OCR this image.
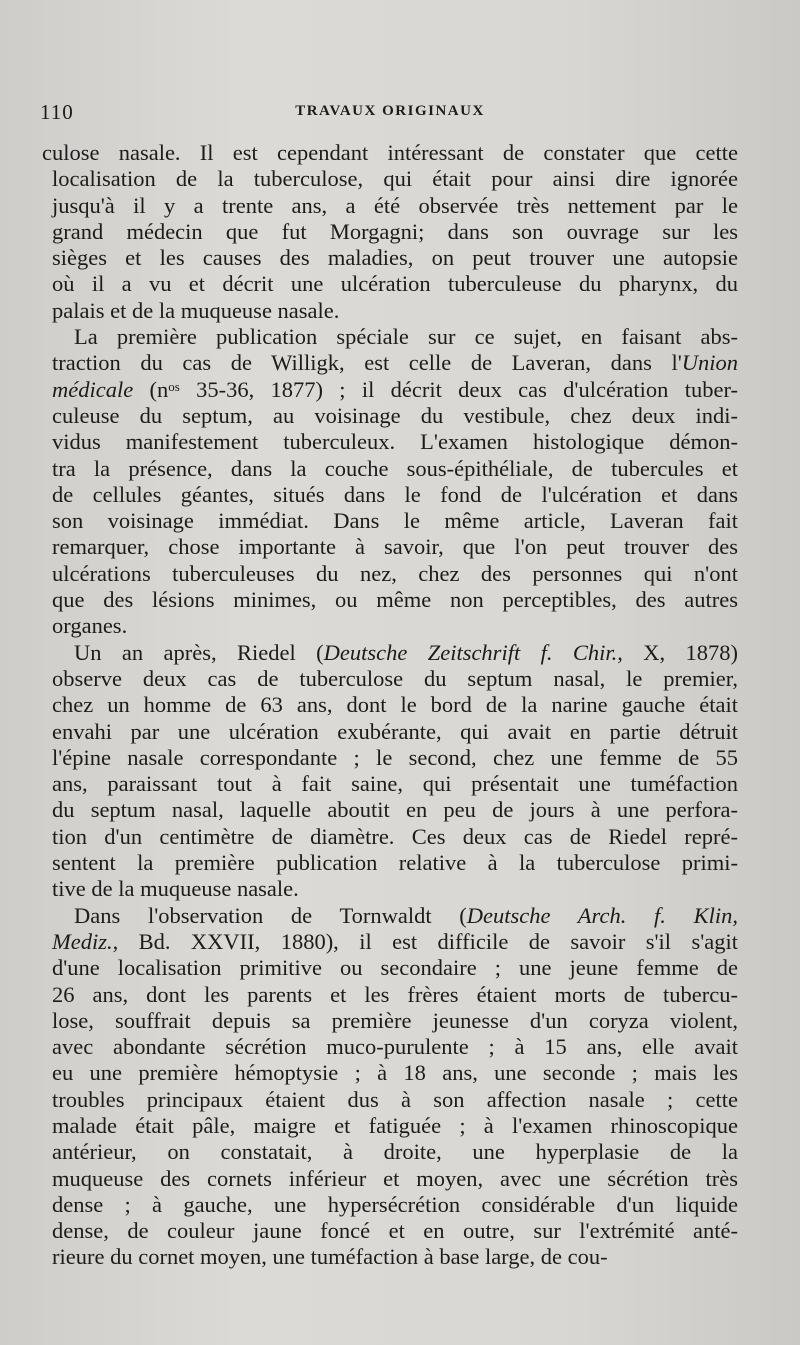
110	TRAVAUX ORIGINAUX

culose nasale. Il est cependant intéressant de constater que cette
localisation de la tuberculose, qui était pour ainsi dire ignorée
jusqu'à il y a trente ans, a été observée très nettement par le
grand médecin que fut Morgagni; dans son ouvrage sur les
sièges et les causes des maladies, on peut trouver une autopsie
où il a vu et décrit une ulcération tuberculeuse du pharynx, du
palais et de la muqueuse nasale.

La première publication spéciale sur ce sujet, en faisant abs-
traction du cas de Willigk, est celle de Laveran, dans l'Union
médicale ($n^{os}$ 35-36, 1877) ; il décrit deux cas d'ulcération tuber-
culeuse du septum, au voisinage du vestibule, chez deux indi-
vidus manifestement tuberculeux. L'examen histologique démon-
tra la présence, dans la couche sous-épithéliale, de tubercules et
de cellules géantes, situés dans le fond de l'ulcération et dans
son voisinage immédiat. Dans le même article, Laveran fait
remarquer, chose importante à savoir, que l'on peut trouver des
ulcérations tuberculeuses du nez, chez des personnes qui n'ont
que des lésions minimes, ou même non perceptibles, des autres
organes.

Un an après, Riedel (Deutsche Zeitschrift f. Chir., X, 1878)
observe deux cas de tuberculose du septum nasal, le premier,
chez un homme de 63 ans, dont le bord de la narine gauche était
envahi par une ulcération exubérante, qui avait en partie détruit
l'épine nasale correspondante ; le second, chez une femme de 55
ans, paraissant tout à fait saine, qui présentait une tuméfaction
du septum nasal, laquelle aboutit en peu de jours à une perfora-
tion d'un centimètre de diamètre. Ces deux cas de Riedel repré-
sentent la première publication relative à la tuberculose primi-
tive de la muqueuse nasale.

Dans l'observation de Tornwaldt (Deutsche Arch. f. Klin,
Mediz., Bd. XXVII, 1880), il est difficile de savoir s'il s'agit
d'une localisation primitive ou secondaire ; une jeune femme de
26 ans, dont les parents et les frères étaient morts de tubercu-
lose, souffrait depuis sa première jeunesse d'un coryza violent,
avec abondante sécrétion muco-purulente ; à 15 ans, elle avait
eu une première hémoptysie ; à 18 ans, une seconde ; mais les
troubles principaux étaient dus à son affection nasale ; cette
malade était pâle, maigre et fatiguée ; à l'examen rhinoscopique
antérieur, on constatait, à droite, une hyperplasie de la
muqueuse des cornets inférieur et moyen, avec une sécrétion très
dense ; à gauche, une hypersécrétion considérable d'un liquide
dense, de couleur jaune foncé et en outre, sur l'extrémité anté-
rieure du cornet moyen, une tuméfaction à base large, de cou-
